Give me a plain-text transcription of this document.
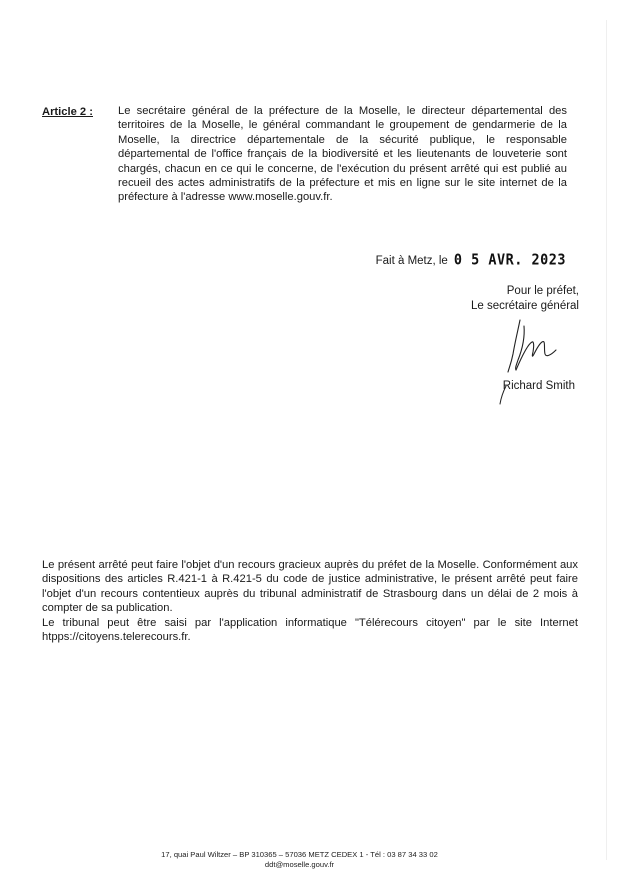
Article 2 : Le secrétaire général de la préfecture de la Moselle, le directeur départemental des territoires de la Moselle, le général commandant le groupement de gendarmerie de la Moselle, la directrice départementale de la sécurité publique, le responsable départemental de l'office français de la biodiversité et les lieutenants de louveterie sont chargés, chacun en ce qui le concerne, de l'exécution du présent arrêté qui est publié au recueil des actes administratifs de la préfecture et mis en ligne sur le site internet de la préfecture à l'adresse www.moselle.gouv.fr.
Fait à Metz, le 0 5 AVR. 2023
Pour le préfet,
Le secrétaire général
Richard Smith

Le présent arrêté peut faire l'objet d'un recours gracieux auprès du préfet de la Moselle. Conformément aux dispositions des articles R.421-1 à R.421-5 du code de justice administrative, le présent arrêté peut faire l'objet d'un recours contentieux auprès du tribunal administratif de Strasbourg dans un délai de 2 mois à compter de sa publication.

Le tribunal peut être saisi par l'application informatique "Télérecours citoyen" par le site Internet htpps://citoyens.telerecours.fr.

17, quai Paul Wiltzer – BP 310365 – 57036 METZ CEDEX 1 - Tél : 03 87 34 33 02
ddt@moselle.gouv.fr
